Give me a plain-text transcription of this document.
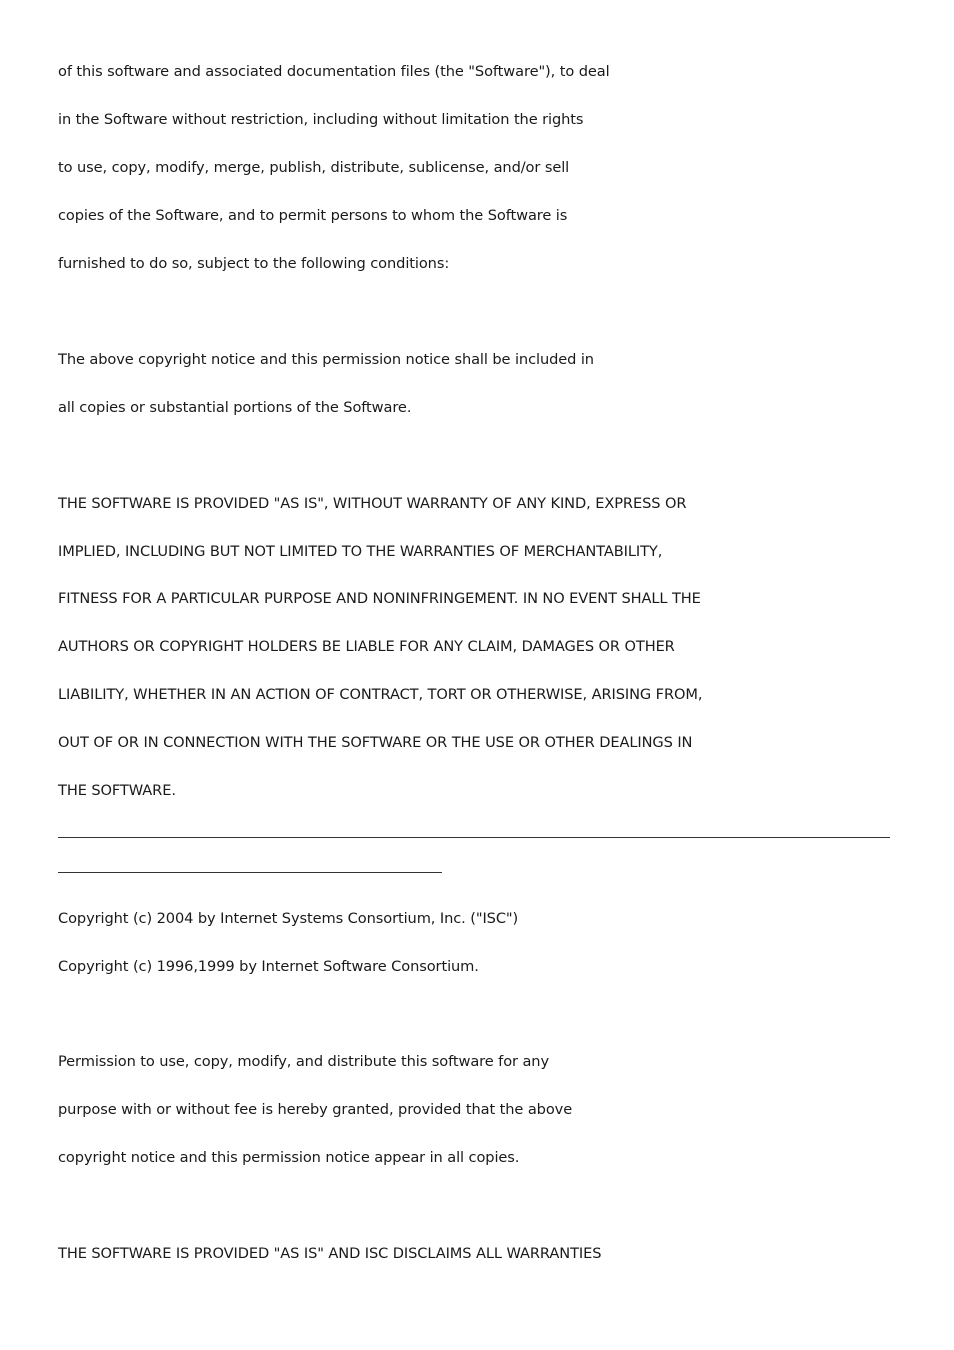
of this software and associated documentation files (the "Software"), to deal
in the Software without restriction, including without limitation the rights
to use, copy, modify, merge, publish, distribute, sublicense, and/or sell
copies of the Software, and to permit persons to whom the Software is
furnished to do so, subject to the following conditions:
The above copyright notice and this permission notice shall be included in
all copies or substantial portions of the Software.
THE SOFTWARE IS PROVIDED "AS IS", WITHOUT WARRANTY OF ANY KIND, EXPRESS OR
IMPLIED, INCLUDING BUT NOT LIMITED TO THE WARRANTIES OF MERCHANTABILITY,
FITNESS FOR A PARTICULAR PURPOSE AND NONINFRINGEMENT. IN NO EVENT SHALL THE
AUTHORS OR COPYRIGHT HOLDERS BE LIABLE FOR ANY CLAIM, DAMAGES OR OTHER
LIABILITY, WHETHER IN AN ACTION OF CONTRACT, TORT OR OTHERWISE, ARISING FROM,
OUT OF OR IN CONNECTION WITH THE SOFTWARE OR THE USE OR OTHER DEALINGS IN
THE SOFTWARE.
Copyright (c) 2004 by Internet Systems Consortium, Inc. ("ISC")
Copyright (c) 1996,1999 by Internet Software Consortium.
Permission to use, copy, modify, and distribute this software for any
purpose with or without fee is hereby granted, provided that the above
copyright notice and this permission notice appear in all copies.
THE SOFTWARE IS PROVIDED "AS IS" AND ISC DISCLAIMS ALL WARRANTIES
